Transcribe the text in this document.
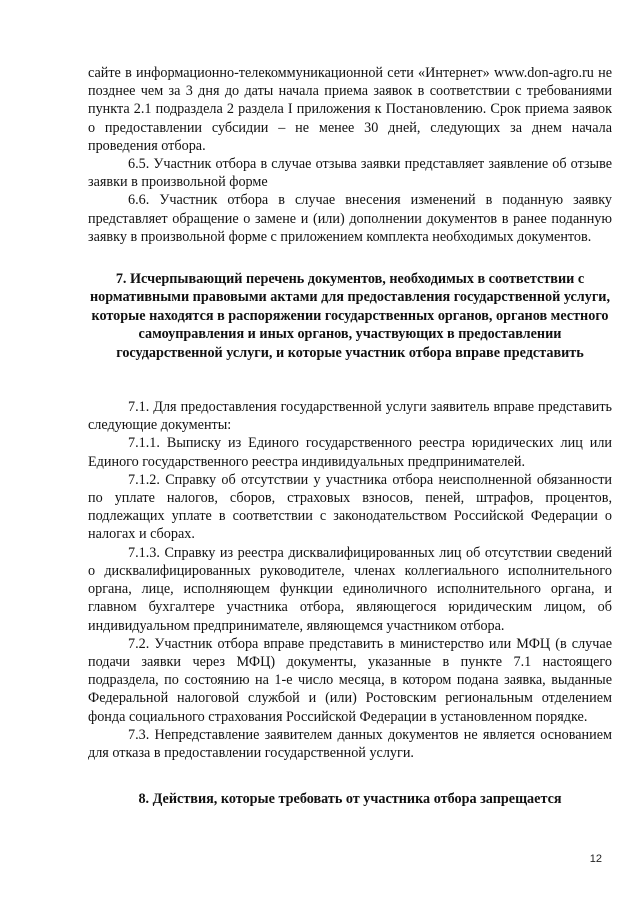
сайте в информационно-телекоммуникационной сети «Интернет» www.don-agro.ru не позднее чем за 3 дня до даты начала приема заявок в соответствии с требованиями пункта 2.1 подраздела 2 раздела I приложения к Постановлению. Срок приема заявок о предоставлении субсидии – не менее 30 дней, следующих за днем начала проведения отбора.

6.5. Участник отбора в случае отзыва заявки представляет заявление об отзыве заявки в произвольной форме

6.6. Участник отбора в случае внесения изменений в поданную заявку представляет обращение о замене и (или) дополнении документов в ранее поданную заявку в произвольной форме с приложением комплекта необходимых документов.

7. Исчерпывающий перечень документов, необходимых в соответствии с нормативными правовыми актами для предоставления государственной услуги, которые находятся в распоряжении государственных органов, органов местного самоуправления и иных органов, участвующих в предоставлении государственной услуги, и которые участник отбора вправе представить

7.1. Для предоставления государственной услуги заявитель вправе представить следующие документы:

7.1.1. Выписку из Единого государственного реестра юридических лиц или Единого государственного реестра индивидуальных предпринимателей.

7.1.2. Справку об отсутствии у участника отбора неисполненной обязанности по уплате налогов, сборов, страховых взносов, пеней, штрафов, процентов, подлежащих уплате в соответствии с законодательством Российской Федерации о налогах и сборах.

7.1.3. Справку из реестра дисквалифицированных лиц об отсутствии сведений о дисквалифицированных руководителе, членах коллегиального исполнительного органа, лице, исполняющем функции единоличного исполнительного органа, и главном бухгалтере участника отбора, являющегося юридическим лицом, об индивидуальном предпринимателе, являющемся участником отбора.

7.2. Участник отбора вправе представить в министерство или МФЦ (в случае подачи заявки через МФЦ) документы, указанные в пункте 7.1 настоящего подраздела, по состоянию на 1-е число месяца, в котором подана заявка, выданные Федеральной налоговой службой и (или) Ростовским региональным отделением фонда социального страхования Российской Федерации в установленном порядке.

7.3. Непредставление заявителем данных документов не является основанием для отказа в предоставлении государственной услуги.

8. Действия, которые требовать от участника отбора запрещается
12
